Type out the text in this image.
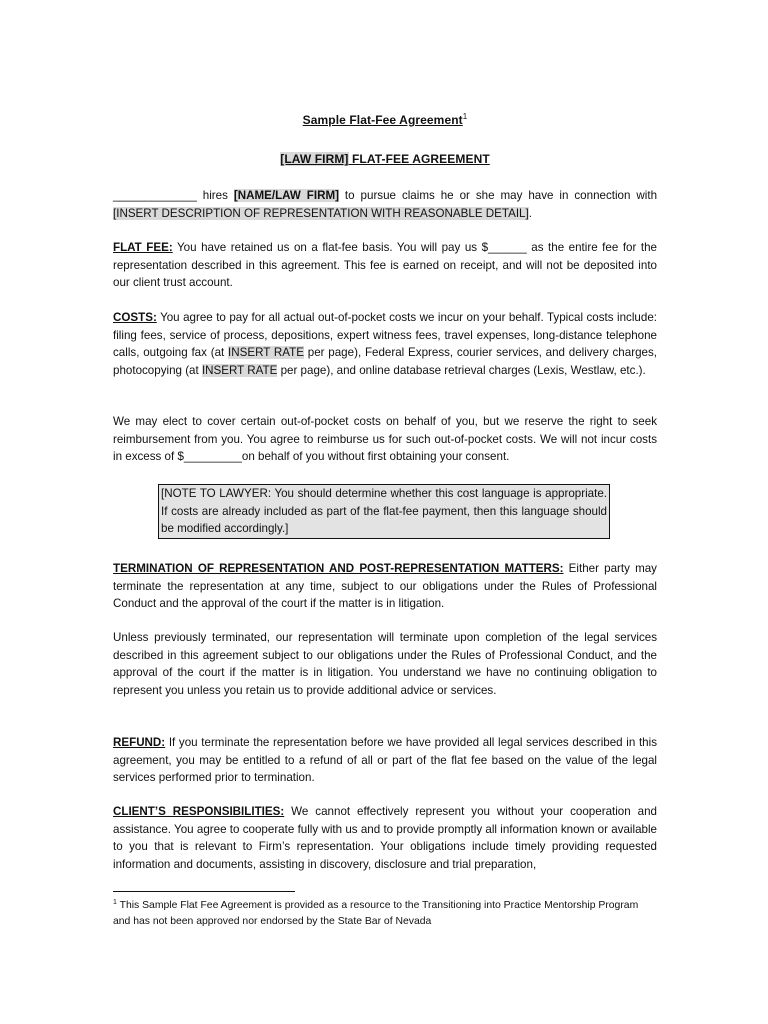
Sample Flat-Fee Agreement$^1$
[LAW FIRM] FLAT-FEE AGREEMENT

_____________ hires [NAME/LAW FIRM] to pursue claims he or she may have in connection with [INSERT DESCRIPTION OF REPRESENTATION WITH REASONABLE DETAIL].

FLAT FEE: You have retained us on a flat-fee basis. You will pay us $______ as the entire fee for the representation described in this agreement. This fee is earned on receipt, and will not be deposited into our client trust account.

COSTS: You agree to pay for all actual out-of-pocket costs we incur on your behalf. Typical costs include: filing fees, service of process, depositions, expert witness fees, travel expenses, long-distance telephone calls, outgoing fax (at INSERT RATE per page), Federal Express, courier services, and delivery charges, photocopying (at INSERT RATE per page), and online database retrieval charges (Lexis, Westlaw, etc.).

We may elect to cover certain out-of-pocket costs on behalf of you, but we reserve the right to seek reimbursement from you. You agree to reimburse us for such out-of-pocket costs. We will not incur costs in excess of $_________on behalf of you without first obtaining your consent.

[NOTE TO LAWYER: You should determine whether this cost language is appropriate. If costs are already included as part of the flat-fee payment, then this language should be modified accordingly.]

TERMINATION OF REPRESENTATION AND POST-REPRESENTATION MATTERS: Either party may terminate the representation at any time, subject to our obligations under the Rules of Professional Conduct and the approval of the court if the matter is in litigation.

Unless previously terminated, our representation will terminate upon completion of the legal services described in this agreement subject to our obligations under the Rules of Professional Conduct, and the approval of the court if the matter is in litigation. You understand we have no continuing obligation to represent you unless you retain us to provide additional advice or services.

REFUND: If you terminate the representation before we have provided all legal services described in this agreement, you may be entitled to a refund of all or part of the flat fee based on the value of the legal services performed prior to termination.

CLIENT’S RESPONSIBILITIES: We cannot effectively represent you without your cooperation and assistance. You agree to cooperate fully with us and to provide promptly all information known or available to you that is relevant to Firm’s representation. Your obligations include timely providing requested information and documents, assisting in discovery, disclosure and trial preparation,

$^1$ This Sample Flat Fee Agreement is provided as a resource to the Transitioning into Practice Mentorship Program and has not been approved nor endorsed by the State Bar of Nevada
